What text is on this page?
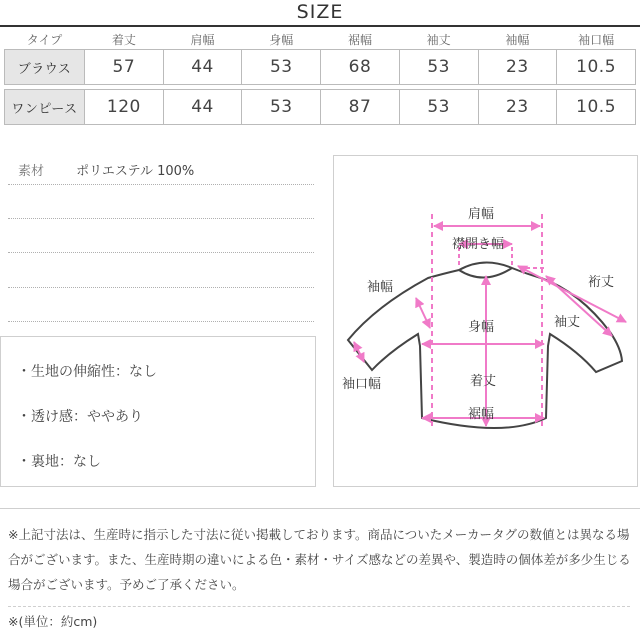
SIZE
タイプ	着丈	肩幅	身幅	裾幅	袖丈	袖幅	袖口幅
ブラウス	57	44	53	68	53	23	10.5

ワンピース	120	44	53	87	53	23	10.5
素材 ポリエステル 100%
・生地の伸縮性：なし
・透け感：ややあり
・裏地：なし
肩幅
襟開き幅
袖幅	裄丈
袖丈
身幅
袖口幅	着丈
裾幅
※上記寸法は、生産時に指示した寸法に従い掲載しております。商品についたメーカータグの数値とは異なる場合がございます。また、生産時期の違いによる色・素材・サイズ感などの差異や、製造時の個体差が多少生じる場合がございます。予めご了承ください。
※(単位：約cm)
